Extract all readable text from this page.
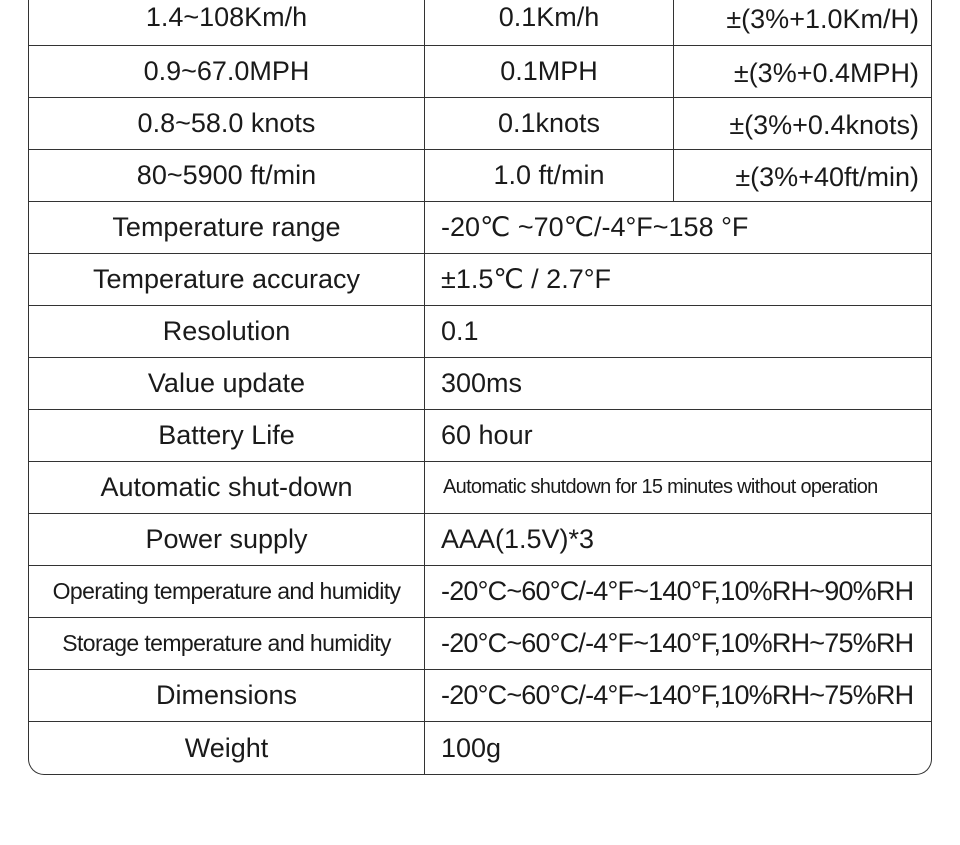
1.4~108Km/h	0.1Km/h	±(3%+1.0Km/H)
0.9~67.0MPH	0.1MPH	±(3%+0.4MPH)
0.8~58.0 knots	0.1knots	±(3%+0.4knots)
80~5900 ft/min	1.0 ft/min	±(3%+40ft/min)
Temperature range	-20℃ ~70℃/-4°F~158 °F
Temperature accuracy	±1.5℃ / 2.7°F
Resolution	0.1
Value update	300ms
Battery Life	60 hour
Automatic shut-down	Automatic shutdown for 15 minutes without operation
Power supply	AAA(1.5V)*3
Operating temperature and humidity	-20°C~60°C/-4°F~140°F,10%RH~90%RH
Storage temperature and humidity	-20°C~60°C/-4°F~140°F,10%RH~75%RH
Dimensions	-20°C~60°C/-4°F~140°F,10%RH~75%RH
Weight	100g
